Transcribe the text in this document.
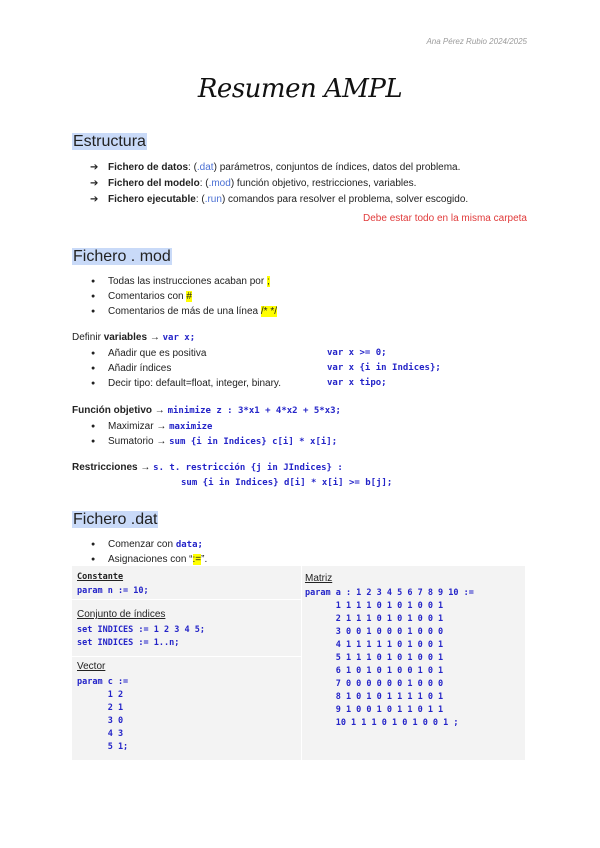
Ana Pérez Rubio 2024/2025
Resumen AMPL
Estructura
➔ Fichero de datos: (.dat) parámetros, conjuntos de índices, datos del problema.
➔ Fichero del modelo: (.mod) función objetivo, restricciones, variables.
➔ Fichero ejecutable: (.run) comandos para resolver el problema, solver escogido.
Debe estar todo en la misma carpeta
Fichero . mod
● Todas las instrucciones acaban por ;
● Comentarios con #
● Comentarios de más de una línea /* */
Definir variables → var x;
● Añadir que es positiva
● Añadir índices
● Decir tipo: default=float, integer, binary.
var x >= 0;
var x {i in Indices};
var x tipo;
Función objetivo → minimize z : 3*x1 + 4*x2 + 5*x3;
● Maximizar → maximize
● Sumatorio → sum {i in Indices} c[i] * x[i];
Restricciones → s. t. restricción {j in JIndices} :
sum {i in Indices} d[i] * x[i] >= b[j];
Fichero .dat
● Comenzar con data;
● Asignaciones con “:=”.
Constante
param n := 10;
Conjunto de índices
set INDICES := 1 2 3 4 5;
set INDICES := 1..n;
Vector
param c :=
1 2
2 1
3 0
4 3
5 1;
Matriz
param a : 1 2 3 4 5 6 7 8 9 10 :=
1 1 1 1 0 1 0 1 0 0 1
2 1 1 1 0 1 0 1 0 0 1
3 0 0 1 0 0 0 1 0 0 0
4 1 1 1 1 1 0 1 0 0 1
5 1 1 1 0 1 0 1 0 0 1
6 1 0 1 0 1 0 0 1 0 1
7 0 0 0 0 0 0 1 0 0 0
8 1 0 1 0 1 1 1 1 0 1
9 1 0 0 1 0 1 1 0 1 1
10 1 1 1 0 1 0 1 0 0 1 ;
